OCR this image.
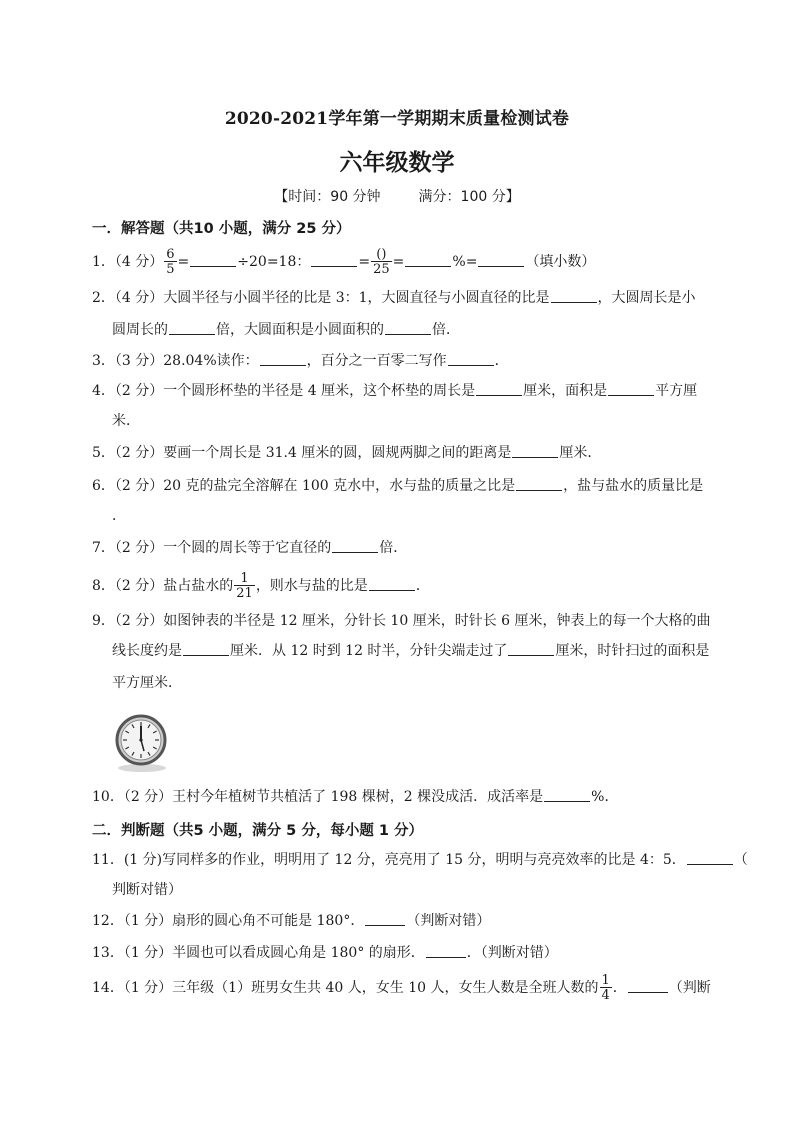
2020-2021学年第一学期期末质量检测试卷
六年级数学
【时间：90 分钟	满分：100 分】
一．解答题（共10 小题，满分 25 分）
1．（4 分） $\frac{6}{5}$ =	÷20=18：	= $\frac{()}{25}$ =	%=	（填小数）
2．（4 分）大圆半径与小圆半径的比是 3：1，大圆直径与小圆直径的比是	，大圆周长是小
圆周长的	倍，大圆面积是小圆面积的	倍．
3．（3 分）28.04%读作：	，百分之一百零二写作	．
4．（2 分）一个圆形杯垫的半径是 4 厘米，这个杯垫的周长是	厘米，面积是	平方厘
米．
5．（2 分）要画一个周长是 31.4 厘米的圆，圆规两脚之间的距离是	厘米．
6．（2 分）20 克的盐完全溶解在 100 克水中，水与盐的质量之比是	，盐与盐水的质量比是
．
7．（2 分）一个圆的周长等于它直径的	倍．
8．（2 分）盐占盐水的 $\frac{1}{21}$ ，则水与盐的比是	．
9．（2 分）如图钟表的半径是 12 厘米，分针长 10 厘米，时针长 6 厘米，钟表上的每一个大格的曲
线长度约是	厘米．从 12 时到 12 时半，分针尖端走过了	厘米，时针扫过的面积是
平方厘米．
10．（2 分）王村今年植树节共植活了 198 棵树，2 棵没成活．成活率是	%．
二．判断题（共5 小题，满分 5 分，每小题 1 分）
11．(1 分)写同样多的作业，明明用了 12 分，亮亮用了 15 分，明明与亮亮效率的比是 4：5．	（
判断对错）
12．（1 分）扇形的圆心角不可能是 180°．	（判断对错）
13．（1 分）半圆也可以看成圆心角是 180° 的扇形．	．（判断对错）
14．（1 分）三年级（1）班男女生共 40 人，女生 10 人，女生人数是全班人数的 $\frac{1}{4}$ ．	（判断
